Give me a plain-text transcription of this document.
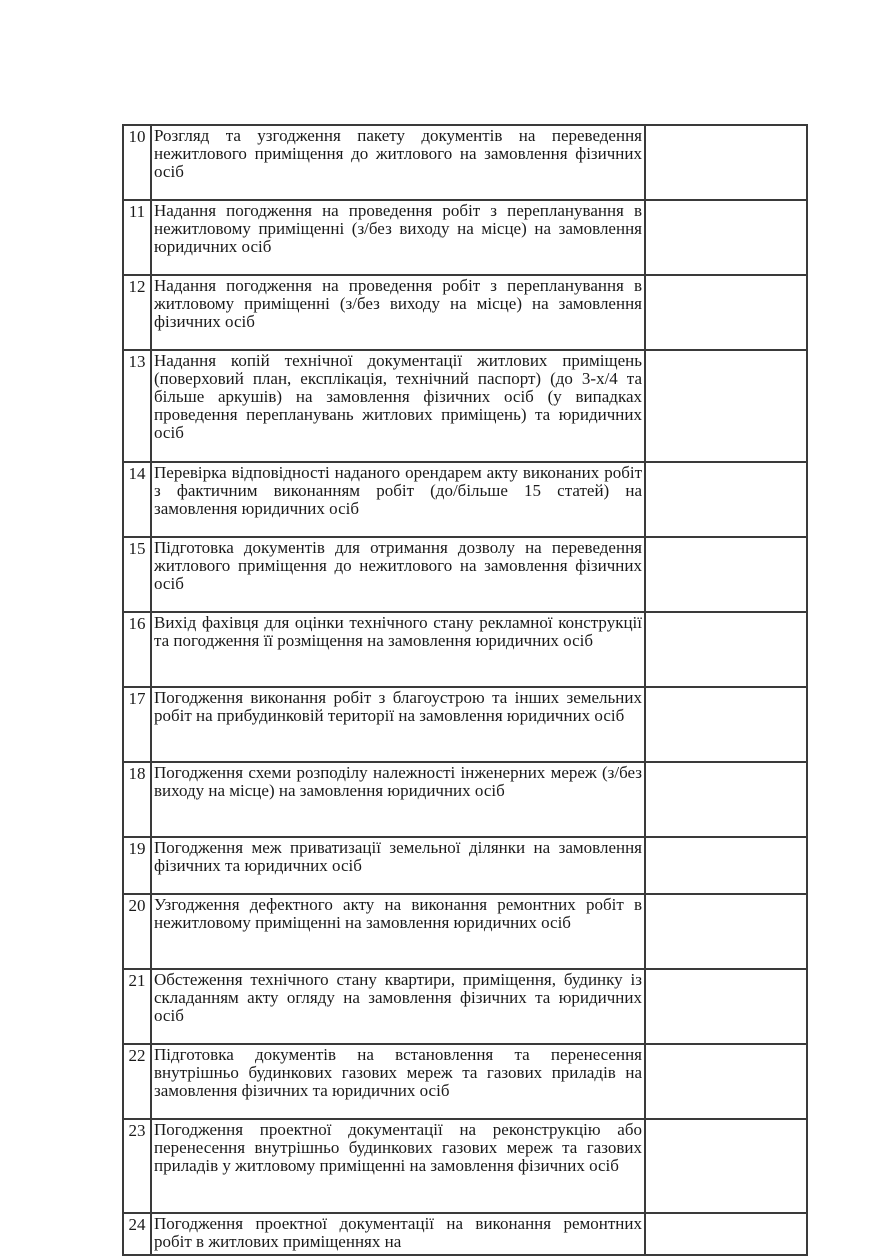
10	Розгляд та узгодження пакету документів на переведення нежитлового приміщення до житлового на замовлення фізичних осіб	
11	Надання погодження на проведення робіт з перепланування в нежитловому приміщенні (з/без виходу на місце) на замовлення юридичних осіб	
12	Надання погодження на проведення робіт з перепланування в житловому приміщенні (з/без виходу на місце) на замовлення фізичних осіб	
13	Надання копій технічної документації житлових приміщень (поверховий план, експлікація, технічний паспорт) (до 3-х/4 та більше аркушів) на замовлення фізичних осіб (у випадках проведення перепланувань житлових приміщень) та юридичних осіб	
14	Перевірка відповідності наданого орендарем акту виконаних робіт з фактичним виконанням робіт (до/більше 15 статей) на замовлення юридичних осіб	
15	Підготовка документів для отримання дозволу на переведення житлового приміщення до нежитлового на замовлення фізичних осіб	
16	Вихід фахівця для оцінки технічного стану рекламної конструкції та погодження її розміщення на замовлення юридичних осіб	
17	Погодження виконання робіт з благоустрою та інших земельних робіт на прибудинковій території на замовлення юридичних осіб	
18	Погодження схеми розподілу належності інженерних мереж (з/без виходу на місце) на замовлення юридичних осіб	
19	Погодження меж приватизації земельної ділянки на замовлення фізичних та юридичних осіб	
20	Узгодження дефектного акту на виконання ремонтних робіт в нежитловому приміщенні на замовлення юридичних осіб	
21	Обстеження технічного стану квартири, приміщення, будинку із складанням акту огляду на замовлення фізичних та юридичних осіб	
22	Підготовка документів на встановлення та перенесення внутрішньо будинкових газових мереж та газових приладів на замовлення фізичних та юридичних осіб	
23	Погодження проектної документації на реконструкцію або перенесення внутрішньо будинкових газових мереж та газових приладів у житловому приміщенні на замовлення фізичних осіб	
24	Погодження проектної документації на виконання ремонтних робіт в житлових приміщеннях на	
